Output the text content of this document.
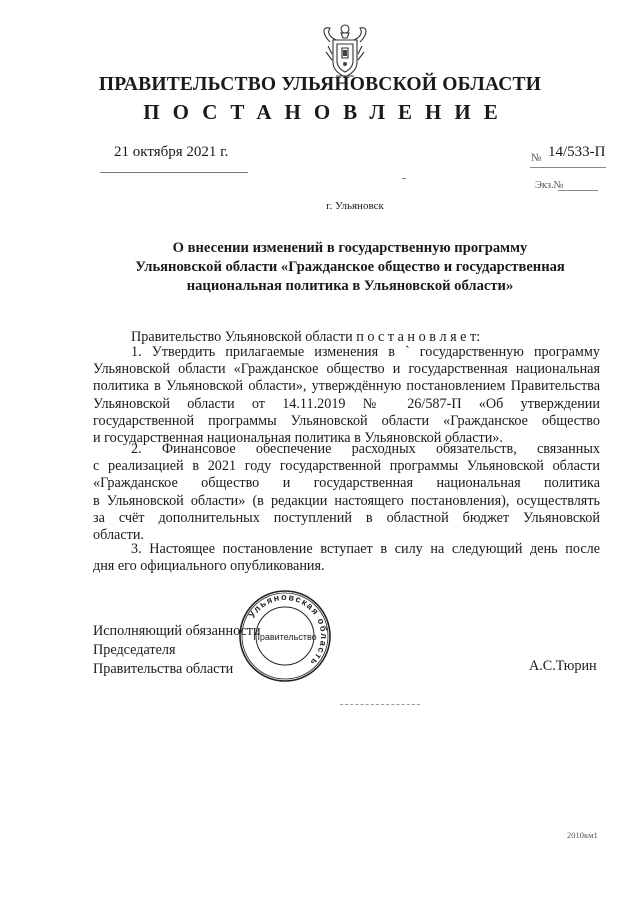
ПРАВИТЕЛЬСТВО УЛЬЯНОВСКОЙ ОБЛАСТИ
ПОСТАНОВЛЕНИЕ
21 октября 2021 г.	№ 14/533-П
Экз.№
г. Ульяновск
О внесении изменений в государственную программу
Ульяновской области «Гражданское общество и государственная
национальная политика в Ульяновской области»
Правительство Ульяновской области п о с т а н о в л я е т:
1. Утвердить прилагаемые изменения в ` государственную программу
Ульяновской области «Гражданское общество и государственная национальная
политика в Ульяновской области», утверждённую постановлением Правительства
Ульяновской области от 14.11.2019 № 26/587-П «Об утверждении
государственной программы Ульяновской области «Гражданское общество
и государственная национальная политика в Ульяновской области».
2. Финансовое обеспечение расходных обязательств, связанных
с реализацией в 2021 году государственной программы Ульяновской области
«Гражданское общество и государственная национальная политика
в Ульяновской области» (в редакции настоящего постановления), осуществлять
за счёт дополнительных поступлений в областной бюджет Ульяновской
области.
3. Настоящее постановление вступает в силу на следующий день после
дня его официального опубликования.
Исполняющий обязанности
Председателя
Правительства области	А.С.Тюрин
Ульяновская область
Правительство
2010км1
